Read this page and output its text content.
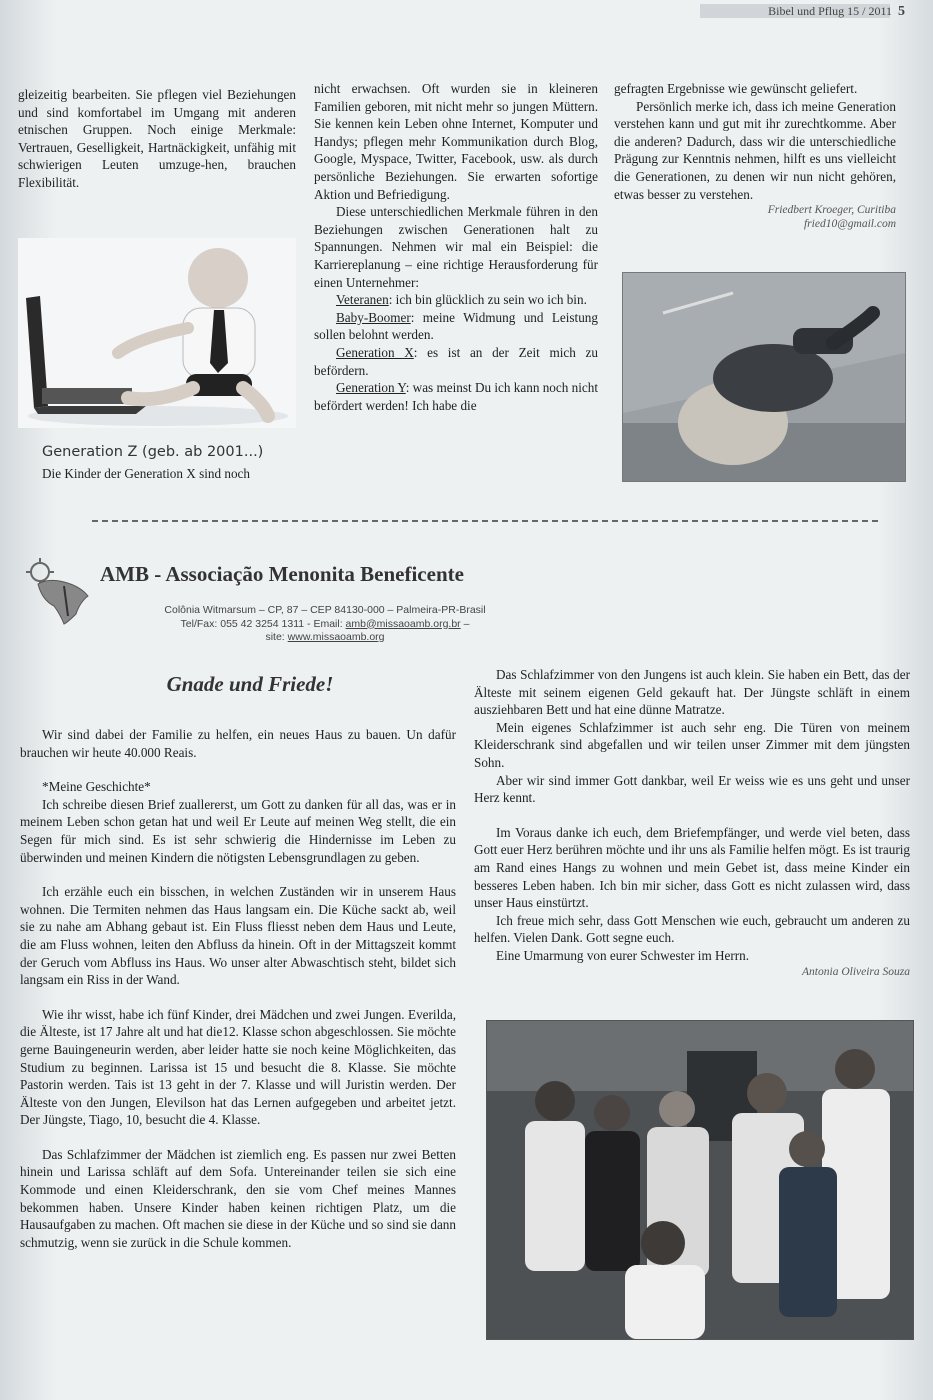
Bibel und Pflug 15 / 2011 5

gleizeitig bearbeiten. Sie pflegen viel Beziehungen und sind komfortabel im Umgang mit anderen etnischen Gruppen. Noch einige Merkmale: Vertrauen, Geselligkeit, Hartnäckigkeit, unfähig mit schwierigen Leuten umzuge-hen, brauchen Flexibilität.

Generation Z (geb. ab 2001...)
Die Kinder der Generation X sind noch

nicht erwachsen. Oft wurden sie in kleineren Familien geboren, mit nicht mehr so jungen Müttern. Sie kennen kein Leben ohne Internet, Komputer und Handys; pflegen mehr Kommunikation durch Blog, Google, Myspace, Twitter, Facebook, usw. als durch persönliche Beziehungen. Sie erwarten sofortige Aktion und Befriedigung.

Diese unterschiedlichen Merkmale führen in den Beziehungen zwischen Generationen halt zu Spannungen. Nehmen wir mal ein Beispiel: die Karriereplanung – eine richtige Herausforderung für einen Unternehmer:

Veteranen: ich bin glücklich zu sein wo ich bin.

Baby-Boomer: meine Widmung und Leistung sollen belohnt werden.

Generation X: es ist an der Zeit mich zu befördern.

Generation Y: was meinst Du ich kann noch nicht befördert werden! Ich habe die

gefragten Ergebnisse wie gewünscht geliefert.

Persönlich merke ich, dass ich meine Generation verstehen kann und gut mit ihr zurechtkomme. Aber die anderen? Dadurch, dass wir die unterschiedliche Prägung zur Kenntnis nehmen, hilft es uns vielleicht die Generationen, zu denen wir nun nicht gehören, etwas besser zu verstehen.

Friedbert Kroeger, Curitiba
fried10@gmail.com
AMB - Associação Menonita Beneficente
Colônia Witmarsum – CP, 87 – CEP 84130-000 – Palmeira-PR-Brasil
Tel/Fax: 055 42 3254 1311 - Email: amb@missaoamb.org.br –
site: www.missaoamb.org
Gnade und Friede!

Wir sind dabei der Familie zu helfen, ein neues Haus zu bauen. Un dafür brauchen wir heute 40.000 Reais.

*Meine Geschichte*

Ich schreibe diesen Brief zuallererst, um Gott zu danken für all das, was er in meinem Leben schon getan hat und weil Er Leute auf meinen Weg stellt, die ein Segen für mich sind. Es ist sehr schwierig die Hindernisse im Leben zu überwinden und meinen Kindern die nötigsten Lebensgrundlagen zu geben.

Ich erzähle euch ein bisschen, in welchen Zuständen wir in unserem Haus wohnen. Die Termiten nehmen das Haus langsam ein. Die Küche sackt ab, weil sie zu nahe am Abhang gebaut ist. Ein Fluss fliesst neben dem Haus und Leute, die am Fluss wohnen, leiten den Abfluss da hinein. Oft in der Mittagszeit kommt der Geruch vom Abfluss ins Haus. Wo unser alter Abwaschtisch steht, bildet sich langsam ein Riss in der Wand.

Wie ihr wisst, habe ich fünf Kinder, drei Mädchen und zwei Jungen. Everilda, die Älteste, ist 17 Jahre alt und hat die12. Klasse schon abgeschlossen. Sie möchte gerne Bauingeneurin werden, aber leider hatte sie noch keine Möglichkeiten, das Studium zu beginnen. Larissa ist 15 und besucht die 8. Klasse. Sie möchte Pastorin werden. Tais ist 13 geht in der 7. Klasse und will Juristin werden. Der Älteste von den Jungen, Elevilson hat das Lernen aufgegeben und arbeitet jetzt. Der Jüngste, Tiago, 10, besucht die 4. Klasse.

Das Schlafzimmer der Mädchen ist ziemlich eng. Es passen nur zwei Betten hinein und Larissa schläft auf dem Sofa. Untereinander teilen sie sich eine Kommode und einen Kleiderschrank, den sie vom Chef meines Mannes bekommen haben. Unsere Kinder haben keinen richtigen Platz, um die Hausaufgaben zu machen. Oft machen sie diese in der Küche und so sind sie dann schmutzig, wenn sie zurück in die Schule kommen.

Das Schlafzimmer von den Jungens ist auch klein. Sie haben ein Bett, das der Älteste mit seinem eigenen Geld gekauft hat. Der Jüngste schläft in einem ausziehbaren Bett und hat eine dünne Matratze.

Mein eigenes Schlafzimmer ist auch sehr eng. Die Türen von meinem Kleiderschrank sind abgefallen und wir teilen unser Zimmer mit dem jüngsten Sohn.

Aber wir sind immer Gott dankbar, weil Er weiss wie es uns geht und unser Herz kennt.

Im Voraus danke ich euch, dem Briefempfänger, und werde viel beten, dass Gott euer Herz berühren möchte und ihr uns als Familie helfen mögt. Es ist traurig am Rand eines Hangs zu wohnen und mein Gebet ist, dass meine Kinder ein besseres Leben haben. Ich bin mir sicher, dass Gott es nicht zulassen wird, dass unser Haus einstürtzt.

Ich freue mich sehr, dass Gott Menschen wie euch, gebraucht um anderen zu helfen. Vielen Dank. Gott segne euch.

Eine Umarmung von eurer Schwester im Herrn.

Antonia Oliveira Souza
